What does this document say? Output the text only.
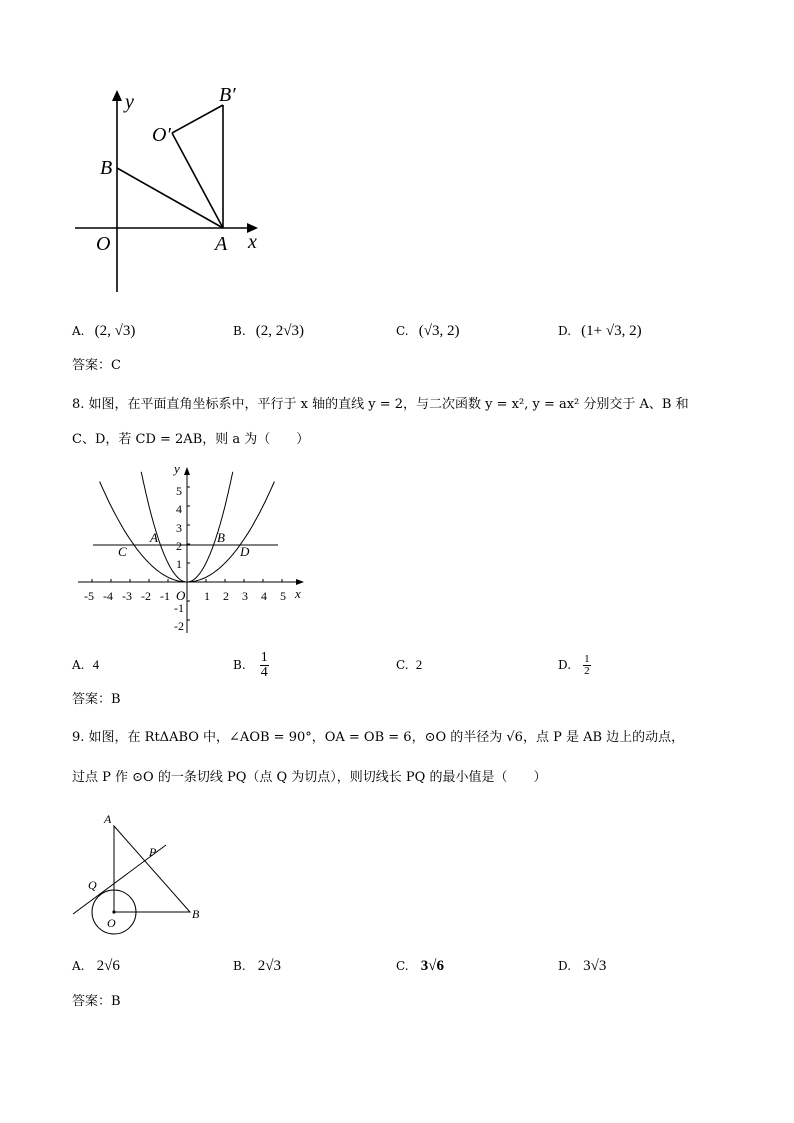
y
x
O	A
B
O′
B′
A. (2, √3)	B. (2, 2√3)	C. (√3, 2)	D. (1+ √3, 2)
答案：C
8. 如图，在平面直角坐标系中，平行于 x 轴的直线 y = 2，与二次函数 y = x², y = ax² 分别交于 A、B 和
C、D，若 CD = 2AB，则 a 为（　　）
-5 -4 -3 -2 -1	1 2 3 4 5
5
4
3
2
1
-1
-2
y
x
O
A	B
C	D
A. 4	B. $\frac{1}{4}$	C. 2	D. $\frac{1}{2}$
答案：B
9. 如图，在 RtΔABO 中，∠AOB = 90°，OA = OB = 6，⊙O 的半径为 √6，点 P 是 AB 边上的动点，
过点 P 作 ⊙O 的一条切线 PQ（点 Q 为切点），则切线长 PQ 的最小值是（　　）
A
B
O
P
Q
A. 2√6	B. 2√3	C. 3√6	D. 3√3
答案：B
